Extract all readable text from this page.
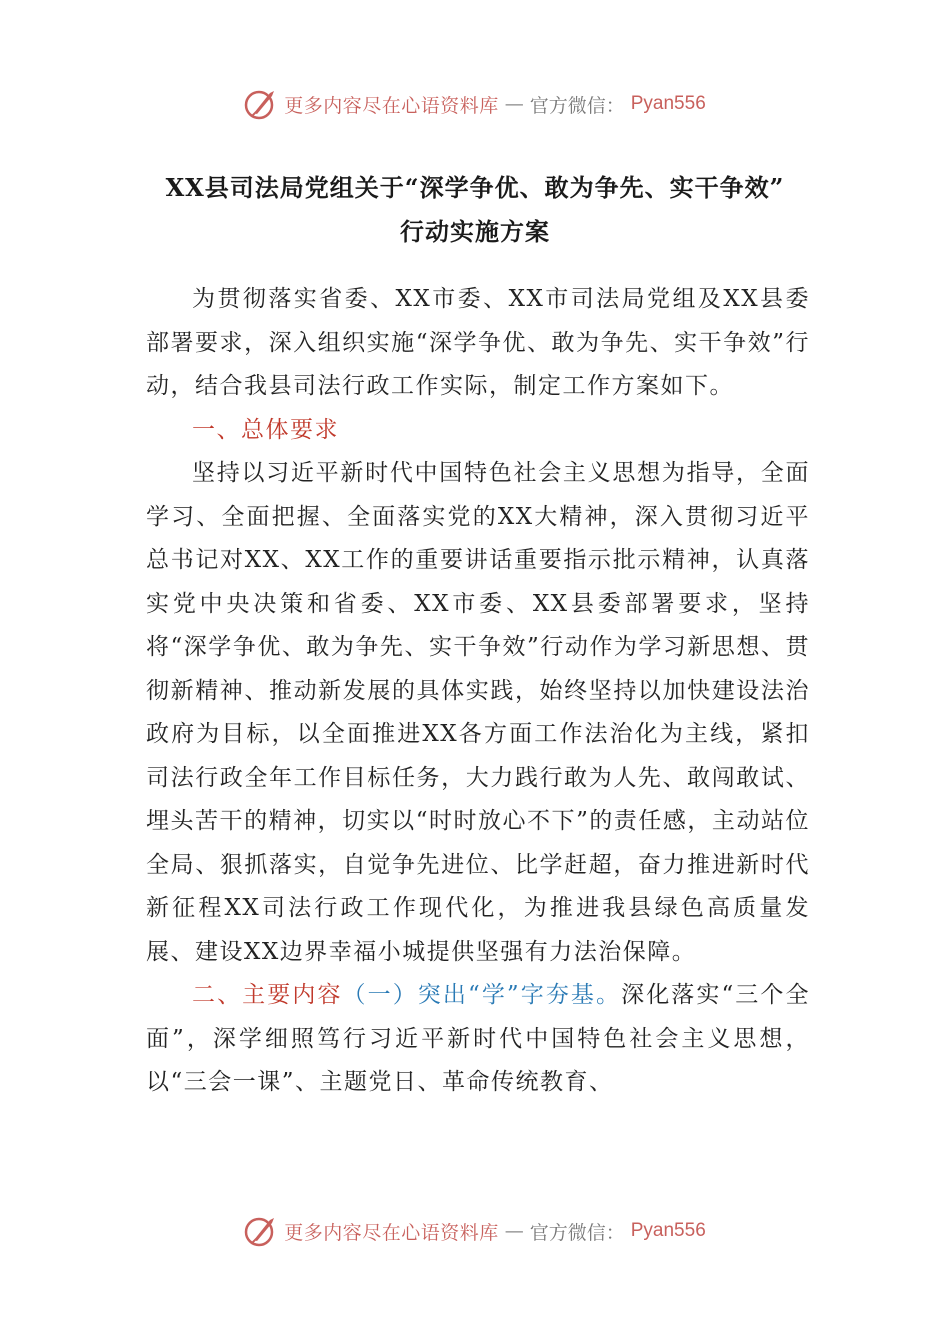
更多内容尽在心语资料库 — 官方微信： Pyan556
XX县司法局党组关于“深学争优、敢为争先、实干争效”
行动实施方案

为贯彻落实省委、XX市委、XX市司法局党组及XX县委部署要求，深入组织实施“深学争优、敢为争先、实干争效”行动，结合我县司法行政工作实际，制定工作方案如下。

一、总体要求

坚持以习近平新时代中国特色社会主义思想为指导，全面学习、全面把握、全面落实党的XX大精神，深入贯彻习近平总书记对XX、XX工作的重要讲话重要指示批示精神，认真落实党中央决策和省委、XX市委、XX县委部署要求，坚持将“深学争优、敢为争先、实干争效”行动作为学习新思想、贯彻新精神、推动新发展的具体实践，始终坚持以加快建设法治政府为目标，以全面推进XX各方面工作法治化为主线，紧扣司法行政全年工作目标任务，大力践行敢为人先、敢闯敢试、埋头苦干的精神，切实以“时时放心不下”的责任感，主动站位全局、狠抓落实，自觉争先进位、比学赶超，奋力推进新时代新征程XX司法行政工作现代化，为推进我县绿色高质量发展、建设XX边界幸福小城提供坚强有力法治保障。

二、主要内容（一）突出“学”字夯基。深化落实“三个全面”，深学细照笃行习近平新时代中国特色社会主义思想，以“三会一课”、主题党日、革命传统教育、

更多内容尽在心语资料库 — 官方微信： Pyan556
